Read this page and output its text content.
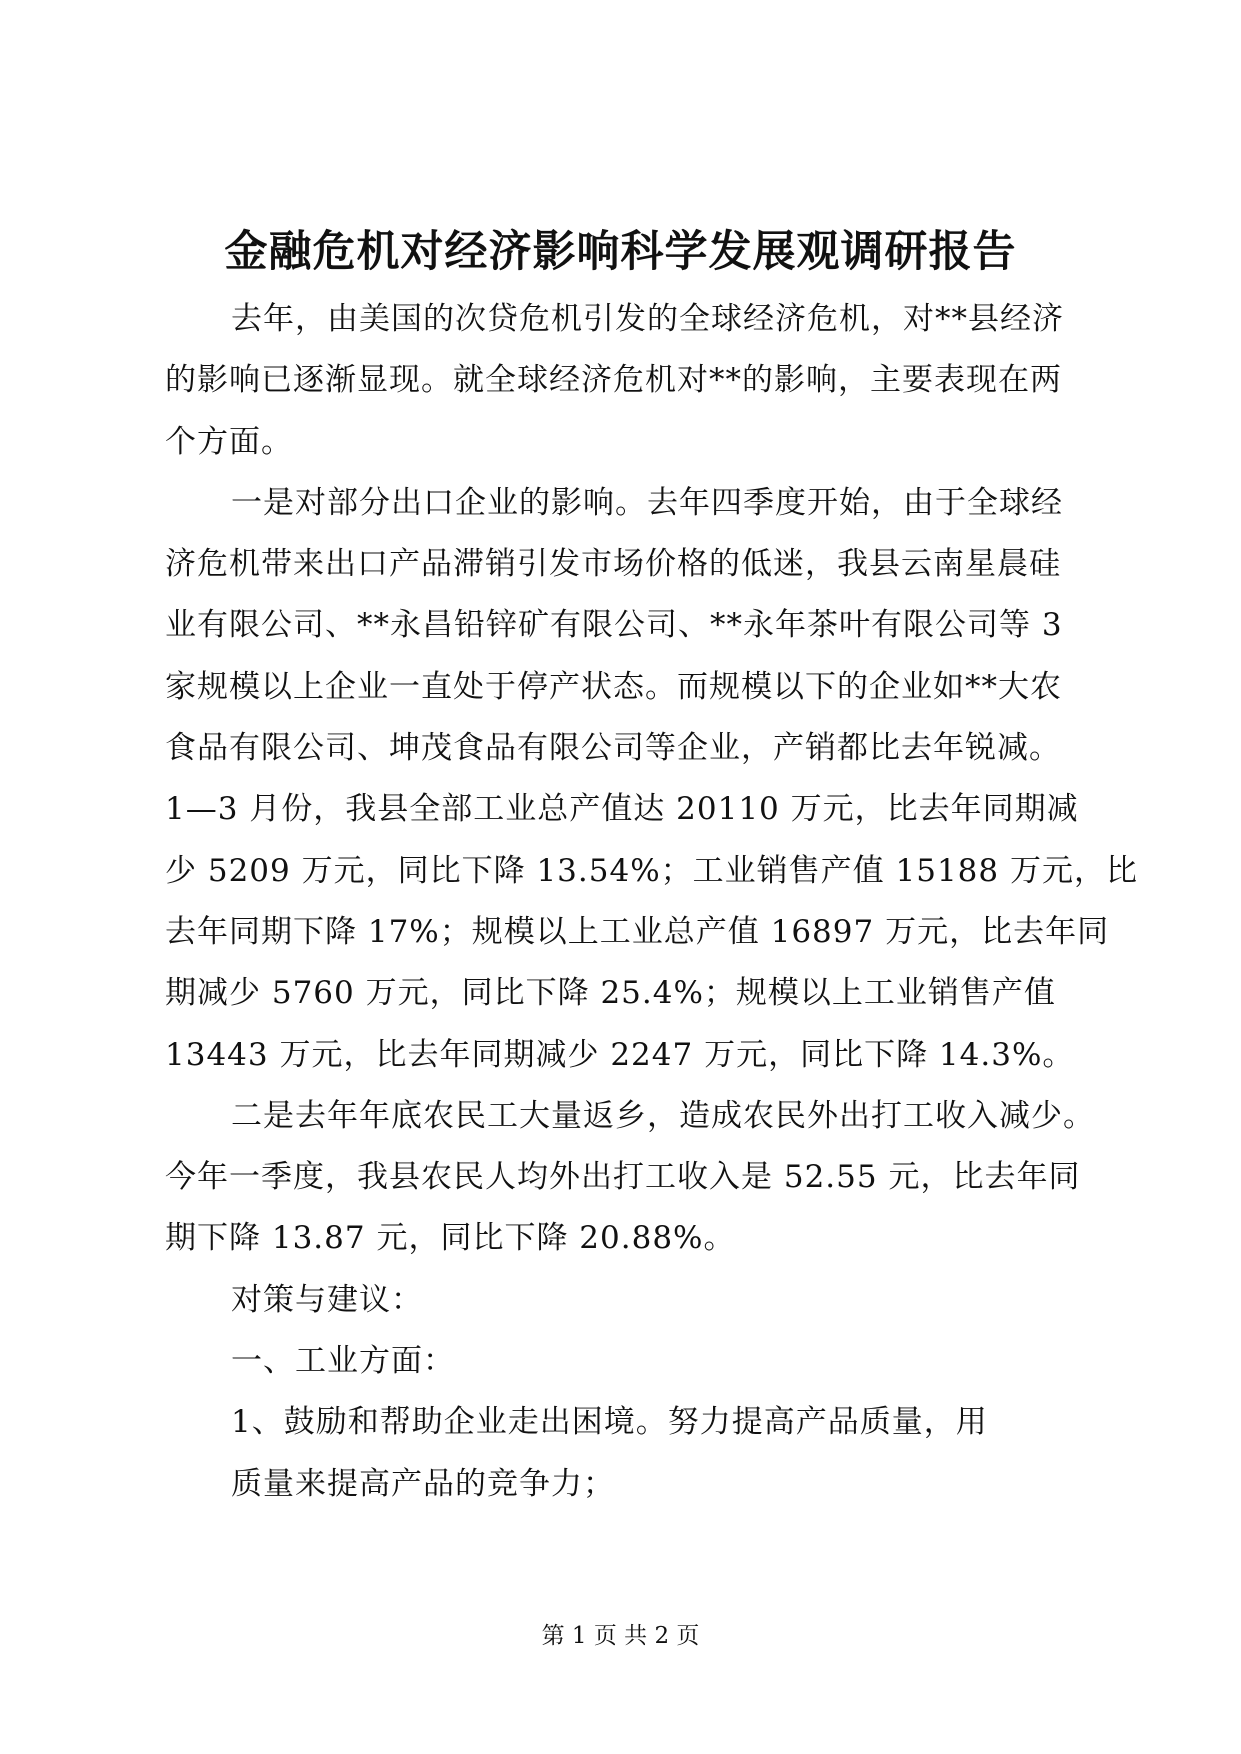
金融危机对经济影响科学发展观调研报告
去年，由美国的次贷危机引发的全球经济危机，对**县经济
的影响已逐渐显现。就全球经济危机对**的影响，主要表现在两
个方面。
一是对部分出口企业的影响。去年四季度开始，由于全球经
济危机带来出口产品滞销引发市场价格的低迷，我县云南星晨硅
业有限公司、**永昌铅锌矿有限公司、**永年茶叶有限公司等 3
家规模以上企业一直处于停产状态。而规模以下的企业如**大农
食品有限公司、坤茂食品有限公司等企业，产销都比去年锐减。
1—3 月份，我县全部工业总产值达 20110 万元，比去年同期减
少 5209 万元，同比下降 13.54%；工业销售产值 15188 万元，比
去年同期下降 17%；规模以上工业总产值 16897 万元，比去年同
期减少 5760 万元，同比下降 25.4%；规模以上工业销售产值
13443 万元，比去年同期减少 2247 万元，同比下降 14.3%。
二是去年年底农民工大量返乡，造成农民外出打工收入减少。
今年一季度，我县农民人均外出打工收入是 52.55 元，比去年同
期下降 13.87 元，同比下降 20.88%。
对策与建议：
一、工业方面：
1、鼓励和帮助企业走出困境。努力提高产品质量，用
质量来提高产品的竞争力；
第 1 页 共 2 页
